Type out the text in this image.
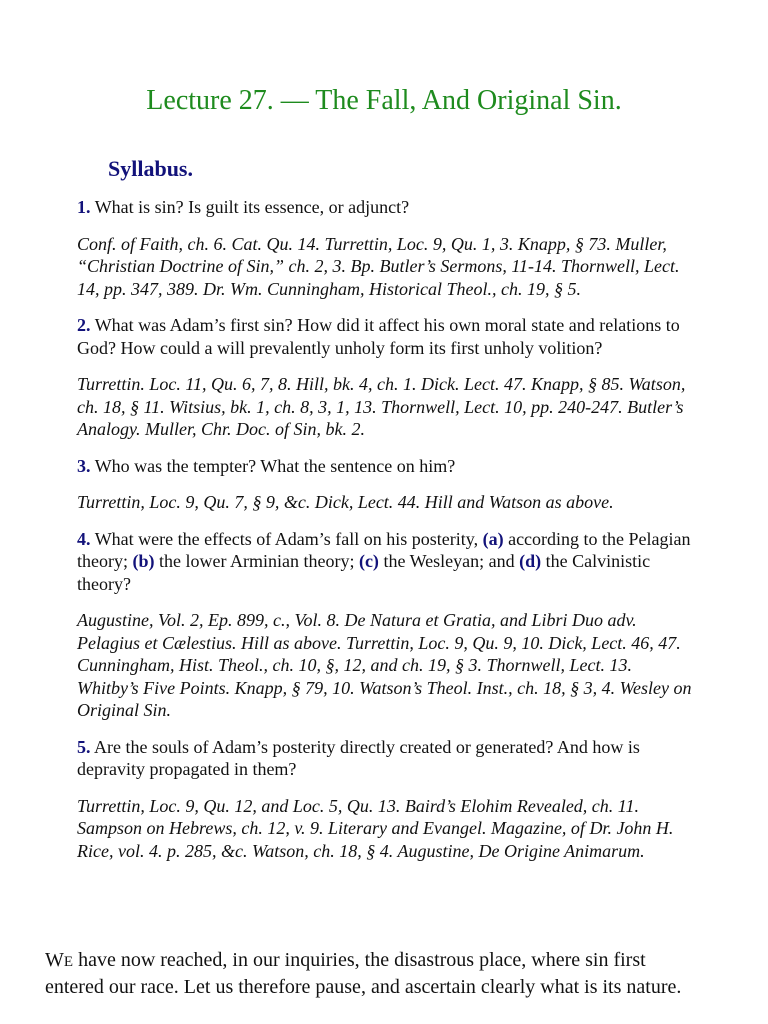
Lecture 27. — The Fall, And Original Sin.
Syllabus.

1. What is sin? Is guilt its essence, or adjunct?

Conf. of Faith, ch. 6. Cat. Qu. 14. Turrettin, Loc. 9, Qu. 1, 3. Knapp, § 73. Muller, “Christian Doctrine of Sin,” ch. 2, 3. Bp. Butler’s Sermons, 11-14. Thornwell, Lect. 14, pp. 347, 389. Dr. Wm. Cunningham, Historical Theol., ch. 19, § 5.

2. What was Adam’s first sin? How did it affect his own moral state and relations to God? How could a will prevalently unholy form its first unholy volition?

Turrettin. Loc. 11, Qu. 6, 7, 8. Hill, bk. 4, ch. 1. Dick. Lect. 47. Knapp, § 85. Watson, ch. 18, § 11. Witsius, bk. 1, ch. 8, 3, 1, 13. Thornwell, Lect. 10, pp. 240-247. Butler’s Analogy. Muller, Chr. Doc. of Sin, bk. 2.

3. Who was the tempter? What the sentence on him?

Turrettin, Loc. 9, Qu. 7, § 9, &c. Dick, Lect. 44. Hill and Watson as above.

4. What were the effects of Adam’s fall on his posterity, (a) according to the Pelagian theory; (b) the lower Arminian theory; (c) the Wesleyan; and (d) the Calvinistic theory?

Augustine, Vol. 2, Ep. 899, c., Vol. 8. De Natura et Gratia, and Libri Duo adv. Pelagius et Cælestius. Hill as above. Turrettin, Loc. 9, Qu. 9, 10. Dick, Lect. 46, 47. Cunningham, Hist. Theol., ch. 10, §, 12, and ch. 19, § 3. Thornwell, Lect. 13. Whitby’s Five Points. Knapp, § 79, 10. Watson’s Theol. Inst., ch. 18, § 3, 4. Wesley on Original Sin.

5. Are the souls of Adam’s posterity directly created or generated? And how is depravity propagated in them?

Turrettin, Loc. 9, Qu. 12, and Loc. 5, Qu. 13. Baird’s Elohim Revealed, ch. 11. Sampson on Hebrews, ch. 12, v. 9. Literary and Evangel. Magazine, of Dr. John H. Rice, vol. 4. p. 285, &c. Watson, ch. 18, § 4. Augustine, De Origine Animarum.

WE have now reached, in our inquiries, the disastrous place, where sin first entered our race. Let us therefore pause, and ascertain clearly what is its nature.
